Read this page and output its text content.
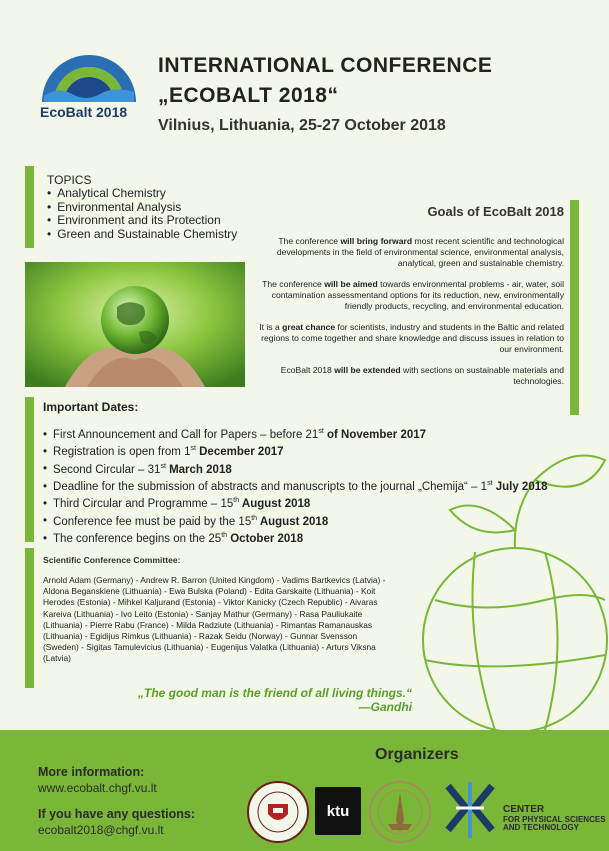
EcoBalt 2018
INTERNATIONAL CONFERENCE
„ECOBALT 2018“
Vilnius, Lithuania, 25-27 October 2018
TOPICS
• Analytical Chemistry
• Environmental Analysis
• Environment and its Protection
• Green and Sustainable Chemistry
Goals of EcoBalt 2018

The conference will bring forward most recent scientific and technological developments in the field of environmental science, environmental analysis, analytical, green and sustainable chemistry.

The conference will be aimed towards environmental problems - air, water, soil contamination assessmentand options for its reduction, new, environmentally friendly products, recycling, and environmental education.

It is a great chance for scientists, industry and students in the Baltic and related regions to come together and share knowledge and discuss issues in relation to our environment.

EcoBalt 2018 will be extended with sections on sustainable materials and technologies.

Important Dates:
• First Announcement and Call for Papers – before 21st of November 2017
• Registration is open from 1st December 2017
• Second Circular – 31st March 2018
• Deadline for the submission of abstracts and manuscripts to the journal „Chemija“ – 1st July 2018
• Third Circular and Programme – 15th August 2018
• Conference fee must be paid by the 15th August 2018
• The conference begins on the 25th October 2018
Scientific Conference Committee:
Arnold Adam (Germany) - Andrew R. Barron (United Kingdom) - Vadims Bartkevics (Latvia) - Aldona Beganskiene (Lithuania) - Ewa Bulska (Poland) - Edita Garskaite (Lithuania) - Koit Herodes (Estonia) - Mihkel Kaljurand (Estonia) - Viktor Kanicky (Czech Republic) - Aivaras Kareiva (Lithuania) - Ivo Leito (Estonia) - Sanjay Mathur (Germany) - Rasa Pauliukaite (Lithuania) - Pierre Rabu (France) - Milda Radziute (Lithuania) - Rimantas Ramanauskas (Lithuania) - Egidijus Rimkus (Lithuania) - Razak Seidu (Norway) - Gunnar Svensson (Sweden) - Sigitas Tamulevicius (Lithuania) - Eugenijus Valatka (Lithuania) - Arturs Viksna (Latvia)
„The good man is the friend of all living things.“
—Gandhi
More information:
www.ecobalt.chgf.vu.lt
If you have any questions:
ecobalt2018@chgf.vu.lt
Organizers
ktu	CENTER
FOR PHYSICAL SCIENCES
AND TECHNOLOGY
